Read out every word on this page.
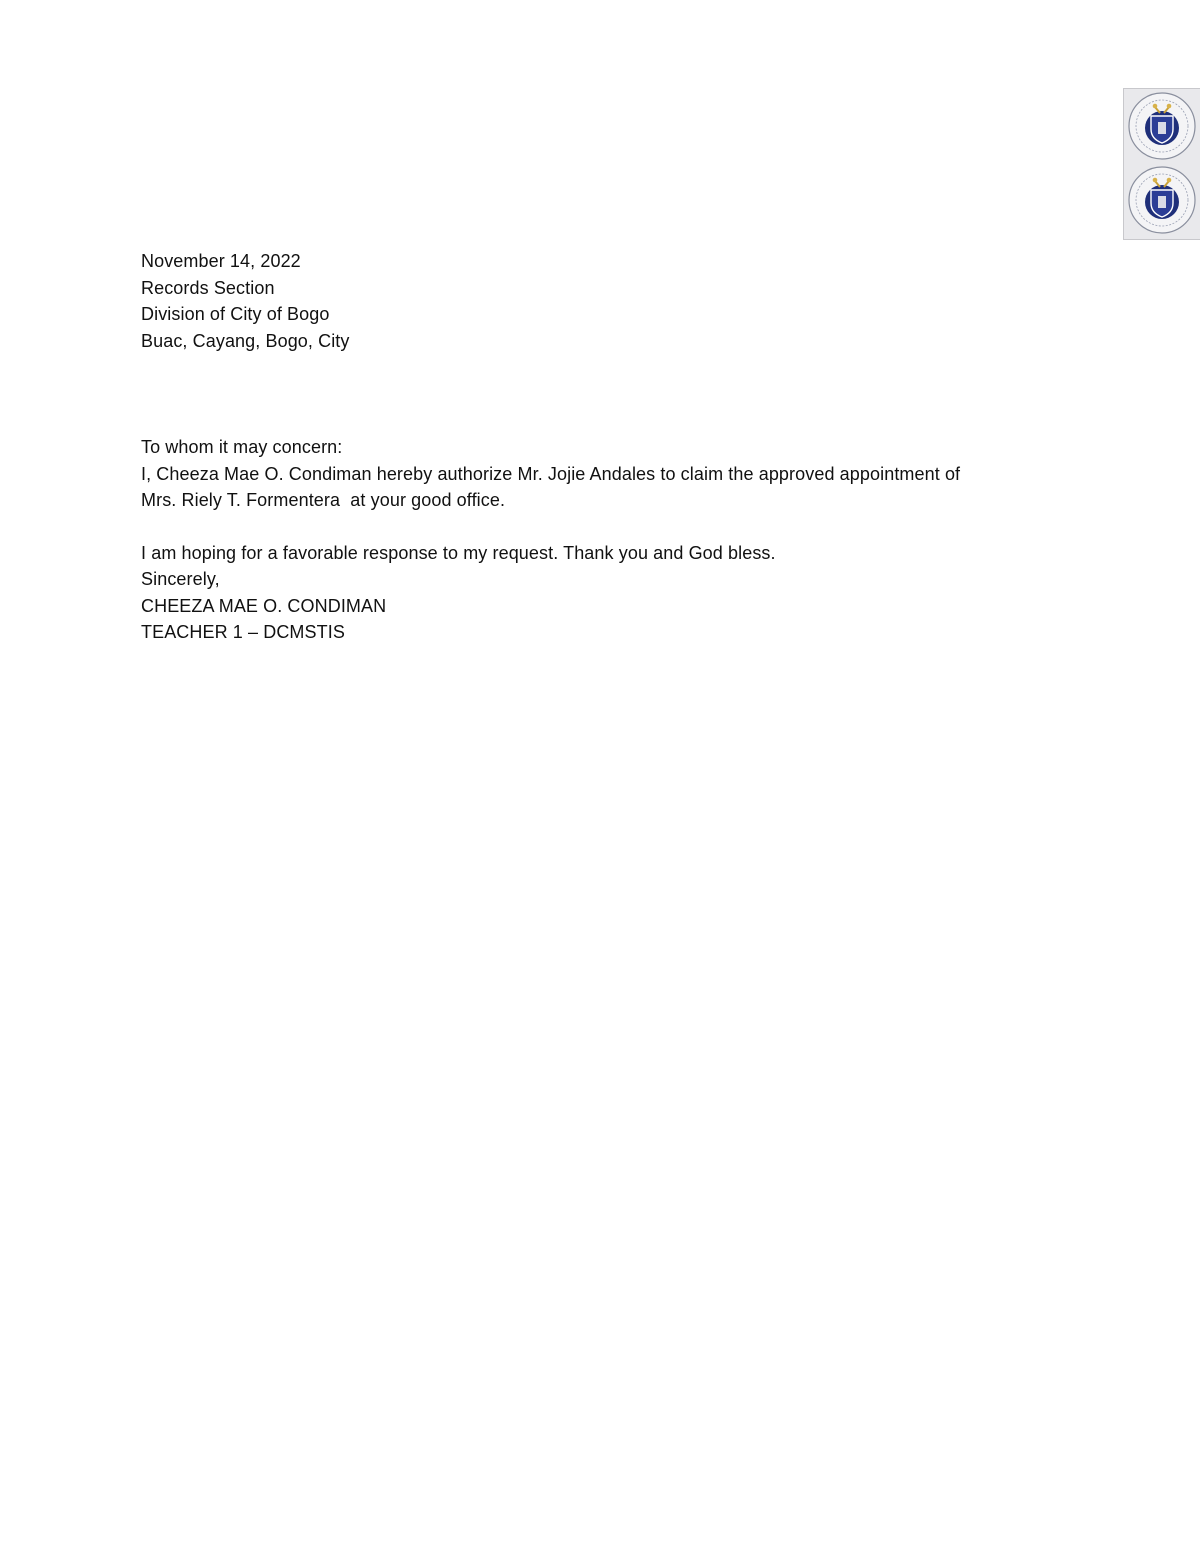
November 14, 2022

Records Section
Division of City of Bogo
Buac, Cayang, Bogo, City

To whom it may concern:

I, Cheeza Mae O. Condiman hereby authorize Mr. Jojie Andales to claim the approved appointment of
Mrs. Riely T. Formentera  at your good office.

I am hoping for a favorable response to my request. Thank you and God bless.

Sincerely,

CHEEZA MAE O. CONDIMAN
TEACHER 1 – DCMSTIS
